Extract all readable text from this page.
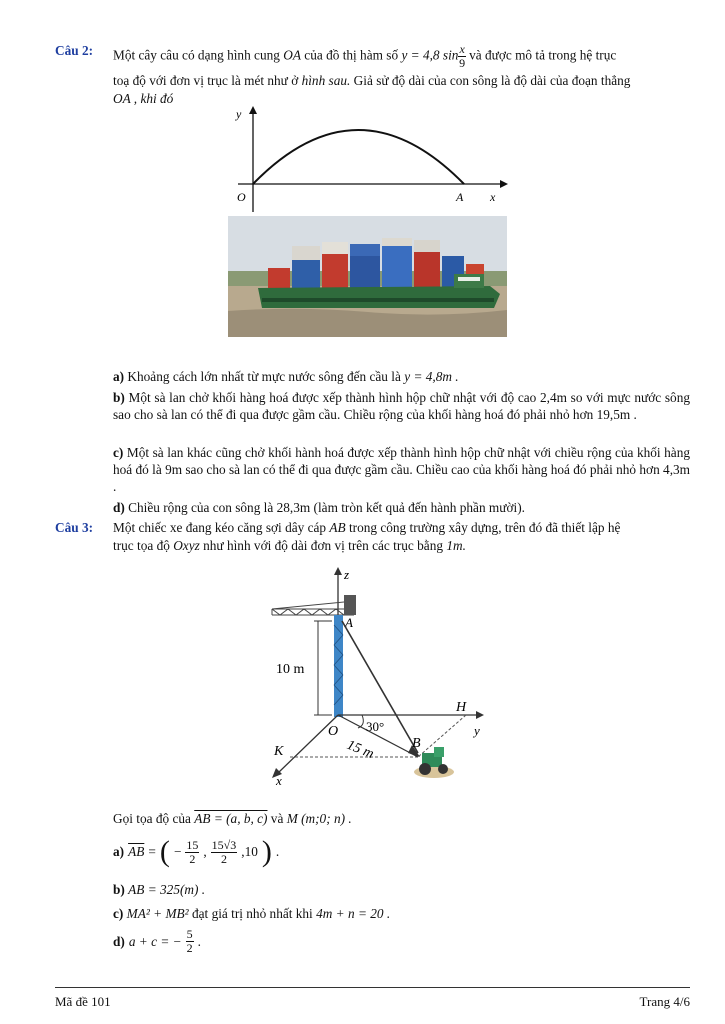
Câu 2: Một cây câu có dạng hình cung OA của đồ thị hàm số y = 4,8 $\sin \frac{x}{9}$ và được mô tả trong hệ trục
toạ độ với đơn vị trục là mét như ở hình sau. Giả sử độ dài của con sông là độ dài của đoạn thẳng
OA , khi đó
y
x
O	A
a) Khoảng cách lớn nhất từ mực nước sông đến cầu là y = 4,8m .
b) Một sà lan chở khối hàng hoá được xếp thành hình hộp chữ nhật với độ cao 2,4m so với mực nước sông sao cho sà lan có thể đi qua được gầm cầu. Chiều rộng của khối hàng hoá đó phải nhỏ hơn 19,5m .
c) Một sà lan khác cũng chở khối hành hoá được xếp thành hình hộp chữ nhật với chiều rộng của khối hàng hoá đó là 9m sao cho sà lan có thể đi qua được gầm cầu. Chiều cao của khối hàng hoá đó phải nhỏ hơn 4,3m .
d) Chiều rộng của con sông là 28,3m (làm tròn kết quả đến hành phần mười).
Câu 3: Một chiếc xe đang kéo căng sợi dây cáp AB trong công trường xây dựng, trên đó đã thiết lập hệ
trục tọa độ Oxyz như hình với độ dài đơn vị trên các trục bằng 1m.
z
A
10 m
y
x
K
H
O 30°
15 m	B
Gọi tọa độ của AB = (a, b, c) và M (m;0; n) .
a) $\overline{AB}$ = ( − $\frac{15}{2}$ , $\frac{15√3}{2} ,10$ ) .
b) AB = 325(m) .
c) MA² + MB² đạt giá trị nhỏ nhất khi 4m + n = 20 .
d) a + c = − $\frac{5}{2}$ .
Mã đề 101	Trang 4/6
